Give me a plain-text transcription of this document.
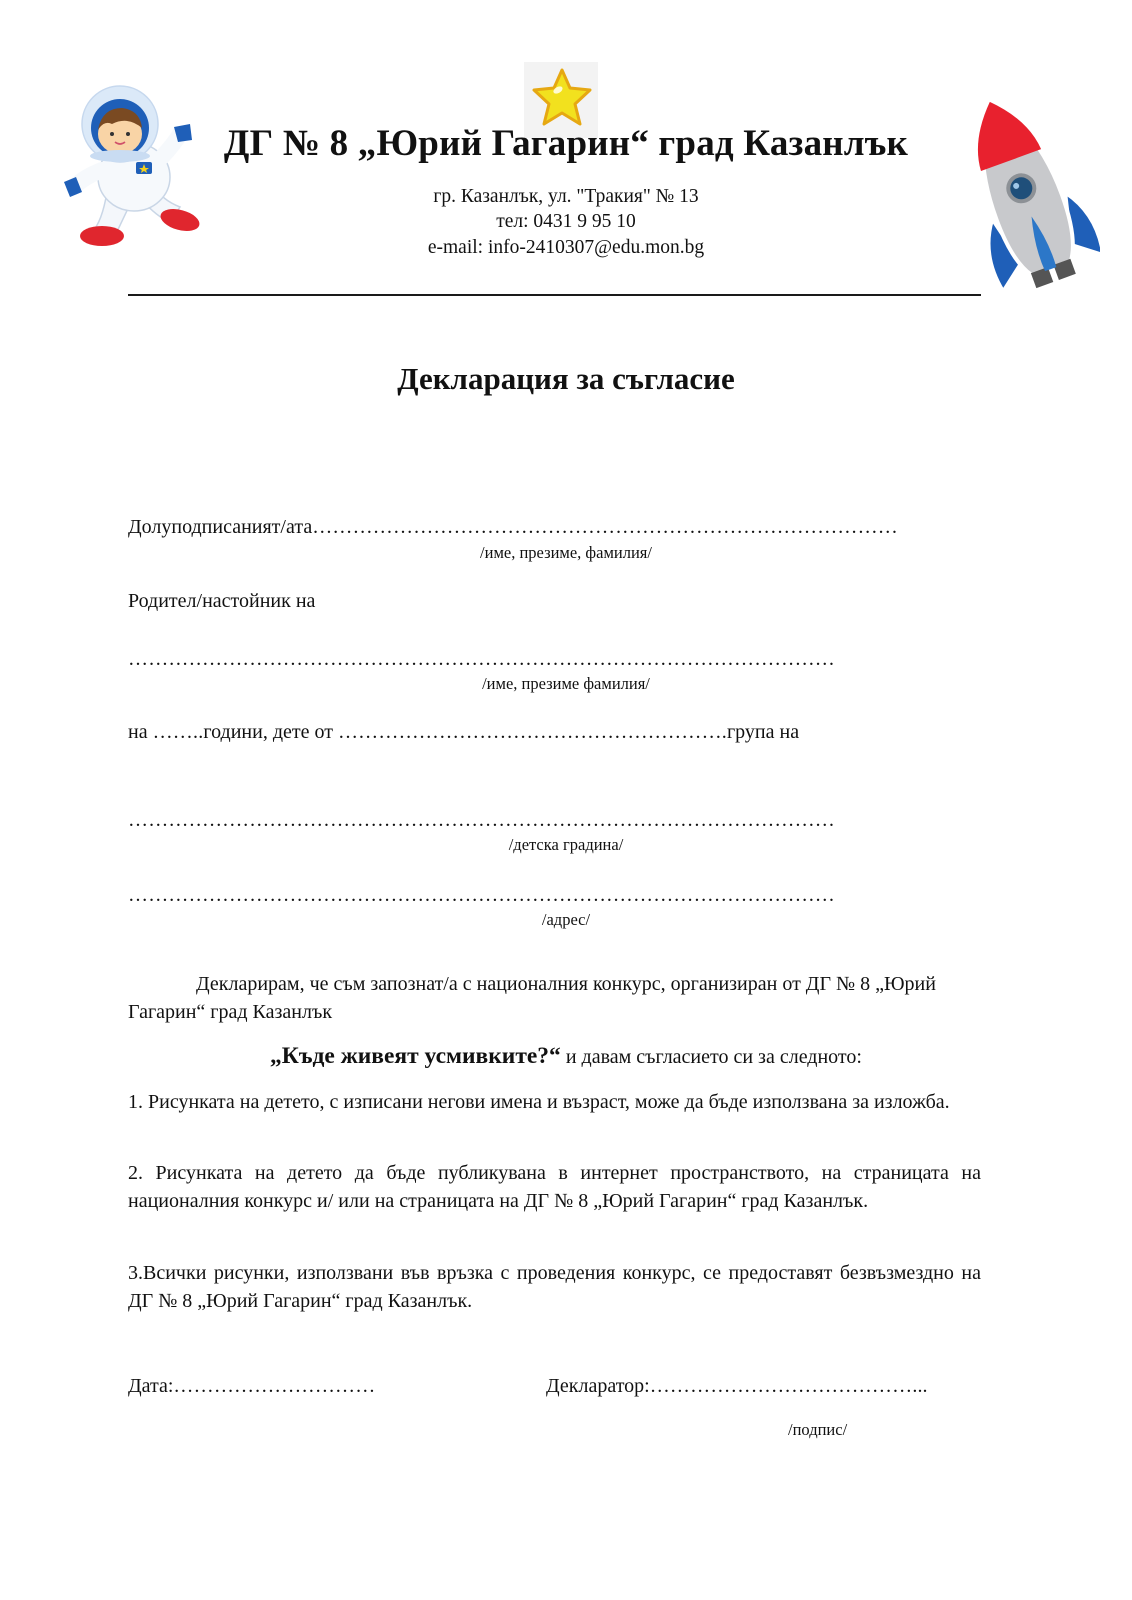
ДГ № 8 „Юрий Гагарин“ град Казанлък
гр. Казанлък, ул. "Тракия" № 13
тел: 0431 9 95 10
e-mail: info-2410307@edu.mon.bg
Декларация за съгласие
Долуподписаният/ата……………………………………………………………………………
/име, презиме, фамилия/
Родител/настойник на
……………………………………………………………………………………………
/име, презиме фамилия/
на ……..години, дете от ………………………………………………….група на
……………………………………………………………………………………………
/детска градина/
……………………………………………………………………………………………
/адрес/
Декларирам, че съм запознат/а с националния конкурс, организиран от ДГ № 8 „Юрий Гагарин“ град Казанлък
„Къде живеят усмивките?“ и давам съгласието си за следното:
1. Рисунката на детето, с изписани негови имена и възраст, може да бъде използвана за изложба.
2. Рисунката на детето да бъде публикувана в интернет пространството, на страницата на националния конкурс и/ или на страницата на ДГ № 8 „Юрий Гагарин“ град Казанлък.
3.Всички рисунки, използвани във връзка с проведения конкурс, се предоставят безвъзмездно на ДГ № 8 „Юрий Гагарин“ град Казанлък.
Дата:…………………………	Декларатор:…………………………………...
/подпис/
